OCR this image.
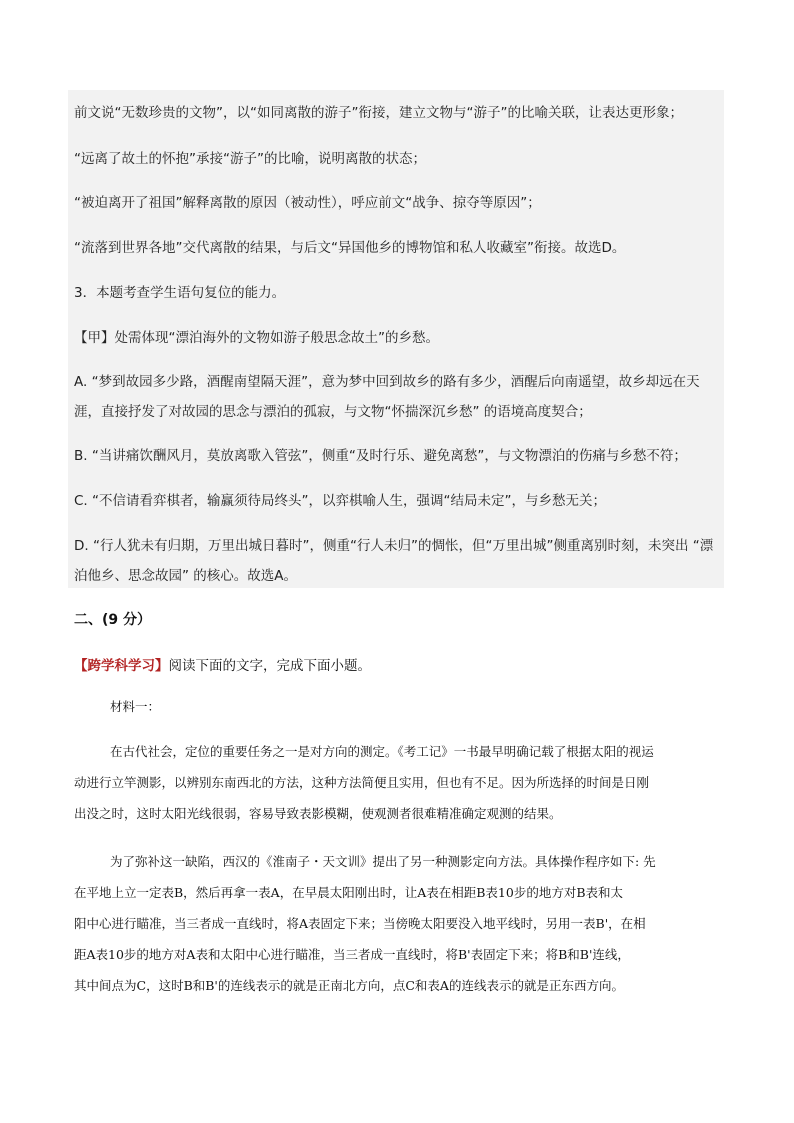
前文说“无数珍贵的文物”，以“如同离散的游子”衔接，建立文物与“游子”的比喻关联，让表达更形象；
“远离了故土的怀抱”承接“游子”的比喻，说明离散的状态；
“被迫离开了祖国”解释离散的原因（被动性），呼应前文“战争、掠夺等原因”；
“流落到世界各地”交代离散的结果，与后文“异国他乡的博物馆和私人收藏室”衔接。故选D。
3．本题考查学生语句复位的能力。
【甲】处需体现“漂泊海外的文物如游子般思念故土”的乡愁。
A. “梦到故园多少路，酒醒南望隔天涯”，意为梦中回到故乡的路有多少，酒醒后向南遥望，故乡却远在天
涯，直接抒发了对故园的思念与漂泊的孤寂，与文物“怀揣深沉乡愁” 的语境高度契合；
B. “当讲痛饮酬风月，莫放离歌入管弦”，侧重“及时行乐、避免离愁”，与文物漂泊的伤痛与乡愁不符；
C. “不信请看弈棋者，输赢须待局终头”，以弈棋喻人生，强调“结局未定”，与乡愁无关；
D. “行人犹未有归期，万里出城日暮时”，侧重“行人未归”的惆怅，但“万里出城”侧重离别时刻，未突出 “漂
泊他乡、思念故园” 的核心。故选A。
二、(9 分）
【跨学科学习】阅读下面的文字，完成下面小题。
材料一：
在古代社会，定位的重要任务之一是对方向的测定。《考工记》一书最早明确记载了根据太阳的视运
动进行立竿测影，以辨别东南西北的方法，这种方法简便且实用，但也有不足。因为所选择的时间是日刚
出没之时，这时太阳光线很弱，容易导致表影模糊，使观测者很难精准确定观测的结果。
为了弥补这一缺陷，西汉的《淮南子・天文训》提出了另一种测影定向方法。具体操作程序如下: 先
在平地上立一定表B，然后再拿一表A，在早晨太阳刚出时，让A表在相距B表10步的地方对B表和太
阳中心进行瞄准，当三者成一直线时，将A表固定下来；当傍晚太阳要没入地平线时，另用一表B'，在相
距A表10步的地方对A表和太阳中心进行瞄准，当三者成一直线时，将B'表固定下来；将B和B'连线，
其中间点为C，这时B和B'的连线表示的就是正南北方向，点C和表A的连线表示的就是正东西方向。
